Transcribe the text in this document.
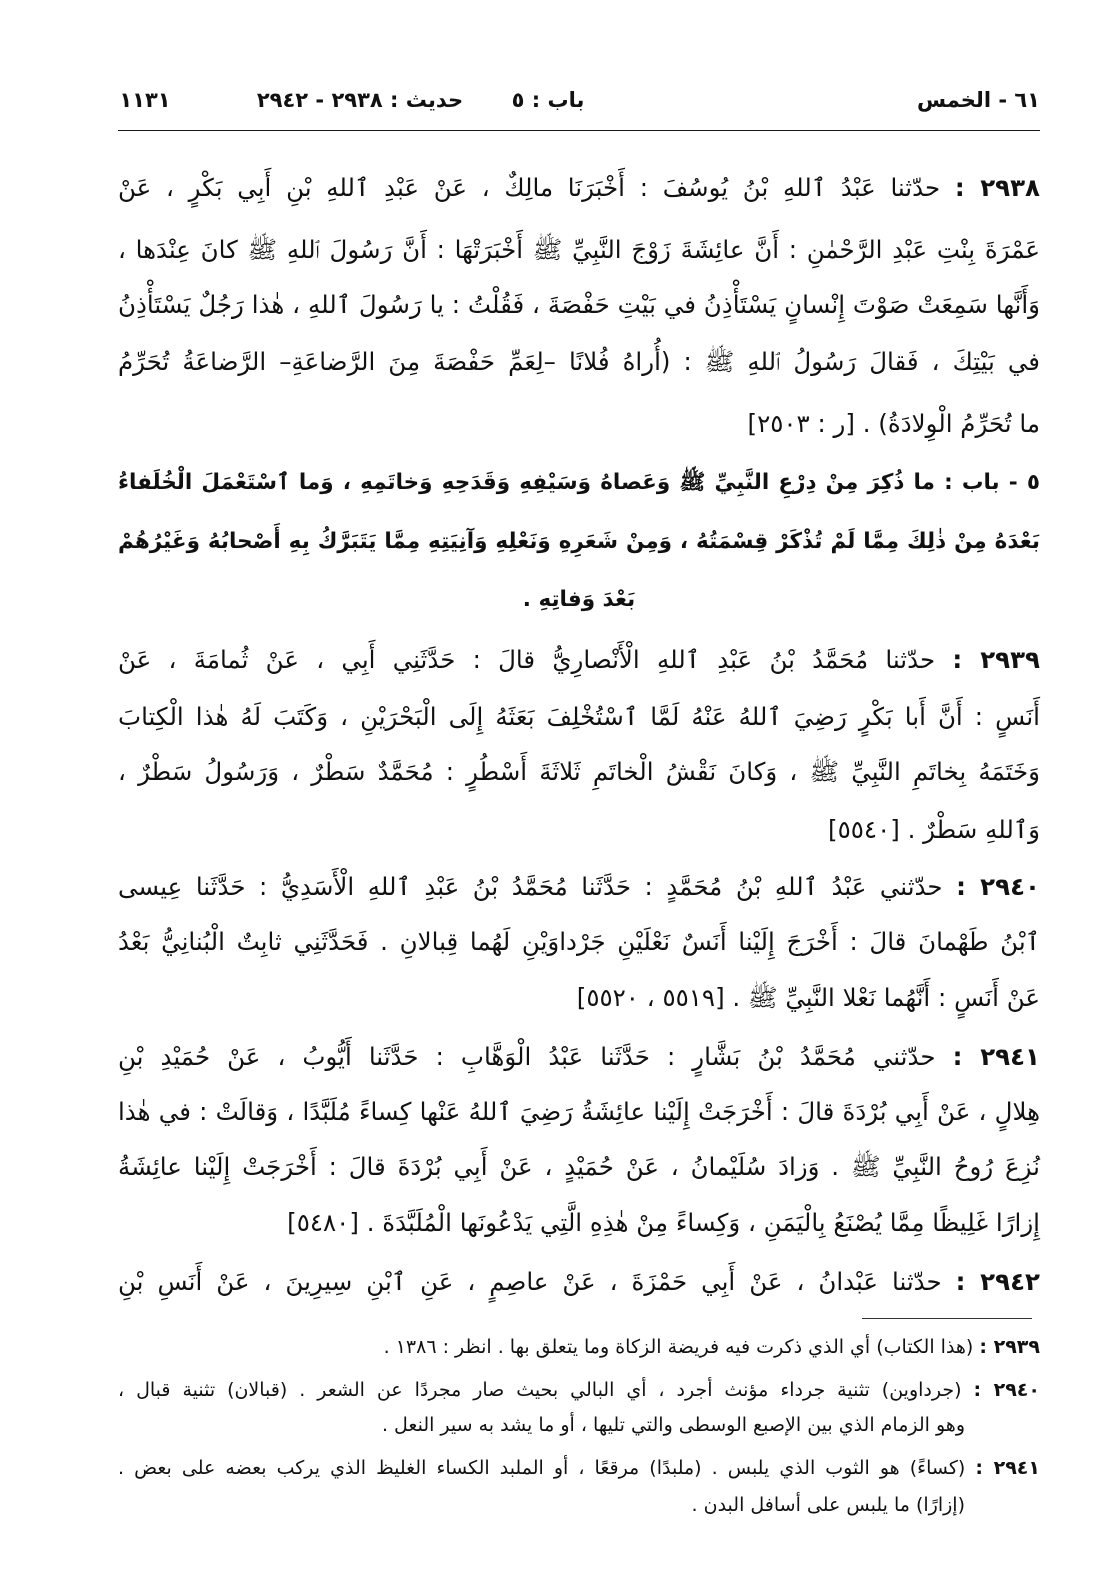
٦١ - الخمس
باب : ٥
حديث : ٢٩٣٨ - ٢٩٤٢
١١٣١
٢٩٣٨ : حدّثنا عَبْدُ ٱللهِ بْنُ يُوسُفَ : أَخْبَرَنَا مالِكٌ ، عَنْ عَبْدِ ٱللهِ بْنِ أَبِي بَكْرٍ ، عَنْ
عَمْرَةَ بِنْتِ عَبْدِ الرَّحْمٰنِ : أَنَّ عائِشَةَ زَوْجَ النَّبِيِّ ﷺ أَخْبَرَتْهَا : أَنَّ رَسُولَ ٱللهِ ﷺ كانَ عِنْدَها ،
وَأَنَّها سَمِعَتْ صَوْتَ إِنْسانٍ يَسْتَأْذِنُ في بَيْتِ حَفْصَةَ ، فَقُلْتُ : يا رَسُولَ ٱللهِ ، هٰذا رَجُلٌ يَسْتَأْذِنُ
في بَيْتِكَ ، فَقالَ رَسُولُ ٱللهِ ﷺ : (أُراهُ فُلانًا –لِعَمِّ حَفْصَةَ مِنَ الرَّضاعَةِ– الرَّضاعَةُ تُحَرِّمُ
ما تُحَرِّمُ الْوِلادَةُ) . [ر : ٢٥٠٣]
٥ - باب : ما ذُكِرَ مِنْ دِرْعِ النَّبِيِّ ﷺ وَعَصاهُ وَسَيْفِهِ وَقَدَحِهِ وَخاتَمِهِ ، وَما ٱسْتَعْمَلَ الْخُلَفاءُ
بَعْدَهُ مِنْ ذٰلِكَ مِمَّا لَمْ تُذْكَرْ قِسْمَتُهُ ، وَمِنْ شَعَرِهِ وَنَعْلِهِ وَآنِيَتِهِ مِمَّا يَتَبَرَّكُ بِهِ أَصْحابُهُ وَغَيْرُهُمْ
بَعْدَ وَفاتِهِ .
٢٩٣٩ : حدّثنا مُحَمَّدُ بْنُ عَبْدِ ٱللهِ الْأَنْصارِيُّ قالَ : حَدَّثَنِي أَبِي ، عَنْ ثُمامَةَ ، عَنْ
أَنَسٍ : أَنَّ أَبا بَكْرٍ رَضِيَ ٱللهُ عَنْهُ لَمَّا ٱسْتُخْلِفَ بَعَثَهُ إِلَى الْبَحْرَيْنِ ، وَكَتَبَ لَهُ هٰذا الْكِتابَ
وَخَتَمَهُ بِخاتَمِ النَّبِيِّ ﷺ ، وَكانَ نَقْشُ الْخاتَمِ ثَلاثَةَ أَسْطُرٍ : مُحَمَّدٌ سَطْرٌ ، وَرَسُولُ سَطْرٌ ،
وَٱللهِ سَطْرٌ . [٥٥٤٠]
٢٩٤٠ : حدّثني عَبْدُ ٱللهِ بْنُ مُحَمَّدٍ : حَدَّثَنا مُحَمَّدُ بْنُ عَبْدِ ٱللهِ الْأَسَدِيُّ : حَدَّثَنا عِيسى
ٱبْنُ طَهْمانَ قالَ : أَخْرَجَ إِلَيْنا أَنَسٌ نَعْلَيْنِ جَرْداوَيْنِ لَهُما قِبالانِ . فَحَدَّثَنِي ثابِتٌ الْبُنانِيُّ بَعْدُ
عَنْ أَنَسٍ : أَنَّهُما نَعْلا النَّبِيِّ ﷺ . [٥٥١٩ ، ٥٥٢٠]
٢٩٤١ : حدّثني مُحَمَّدُ بْنُ بَشَّارٍ : حَدَّثَنا عَبْدُ الْوَهَّابِ : حَدَّثَنا أَيُّوبُ ، عَنْ حُمَيْدِ بْنِ
هِلالٍ ، عَنْ أَبِي بُرْدَةَ قالَ : أَخْرَجَتْ إِلَيْنا عائِشَةُ رَضِيَ ٱللهُ عَنْها كِساءً مُلَبَّدًا ، وَقالَتْ : في هٰذا
نُزِعَ رُوحُ النَّبِيِّ ﷺ . وَزادَ سُلَيْمانُ ، عَنْ حُمَيْدٍ ، عَنْ أَبِي بُرْدَةَ قالَ : أَخْرَجَتْ إِلَيْنا عائِشَةُ
إِزارًا غَلِيظًا مِمَّا يُصْنَعُ بِالْيَمَنِ ، وَكِساءً مِنْ هٰذِهِ الَّتِي يَدْعُونَها الْمُلَبَّدَةَ . [٥٤٨٠]
٢٩٤٢ : حدّثنا عَبْدانُ ، عَنْ أَبِي حَمْزَةَ ، عَنْ عاصِمٍ ، عَنِ ٱبْنِ سِيرِينَ ، عَنْ أَنَسِ بْنِ
٢٩٣٩ : (هذا الكتاب) أي الذي ذكرت فيه فريضة الزكاة وما يتعلق بها . انظر : ١٣٨٦ .
٢٩٤٠ : (جرداوين) تثنية جرداء مؤنث أجرد ، أي البالي بحيث صار مجردًا عن الشعر . (قبالان) تثنية قبال ،
وهو الزمام الذي بين الإصبع الوسطى والتي تليها ، أو ما يشد به سير النعل .
٢٩٤١ : (كساءً) هو الثوب الذي يلبس . (ملبدًا) مرقعًا ، أو الملبد الكساء الغليظ الذي يركب بعضه على بعض .
(إزارًا) ما يلبس على أسافل البدن .
